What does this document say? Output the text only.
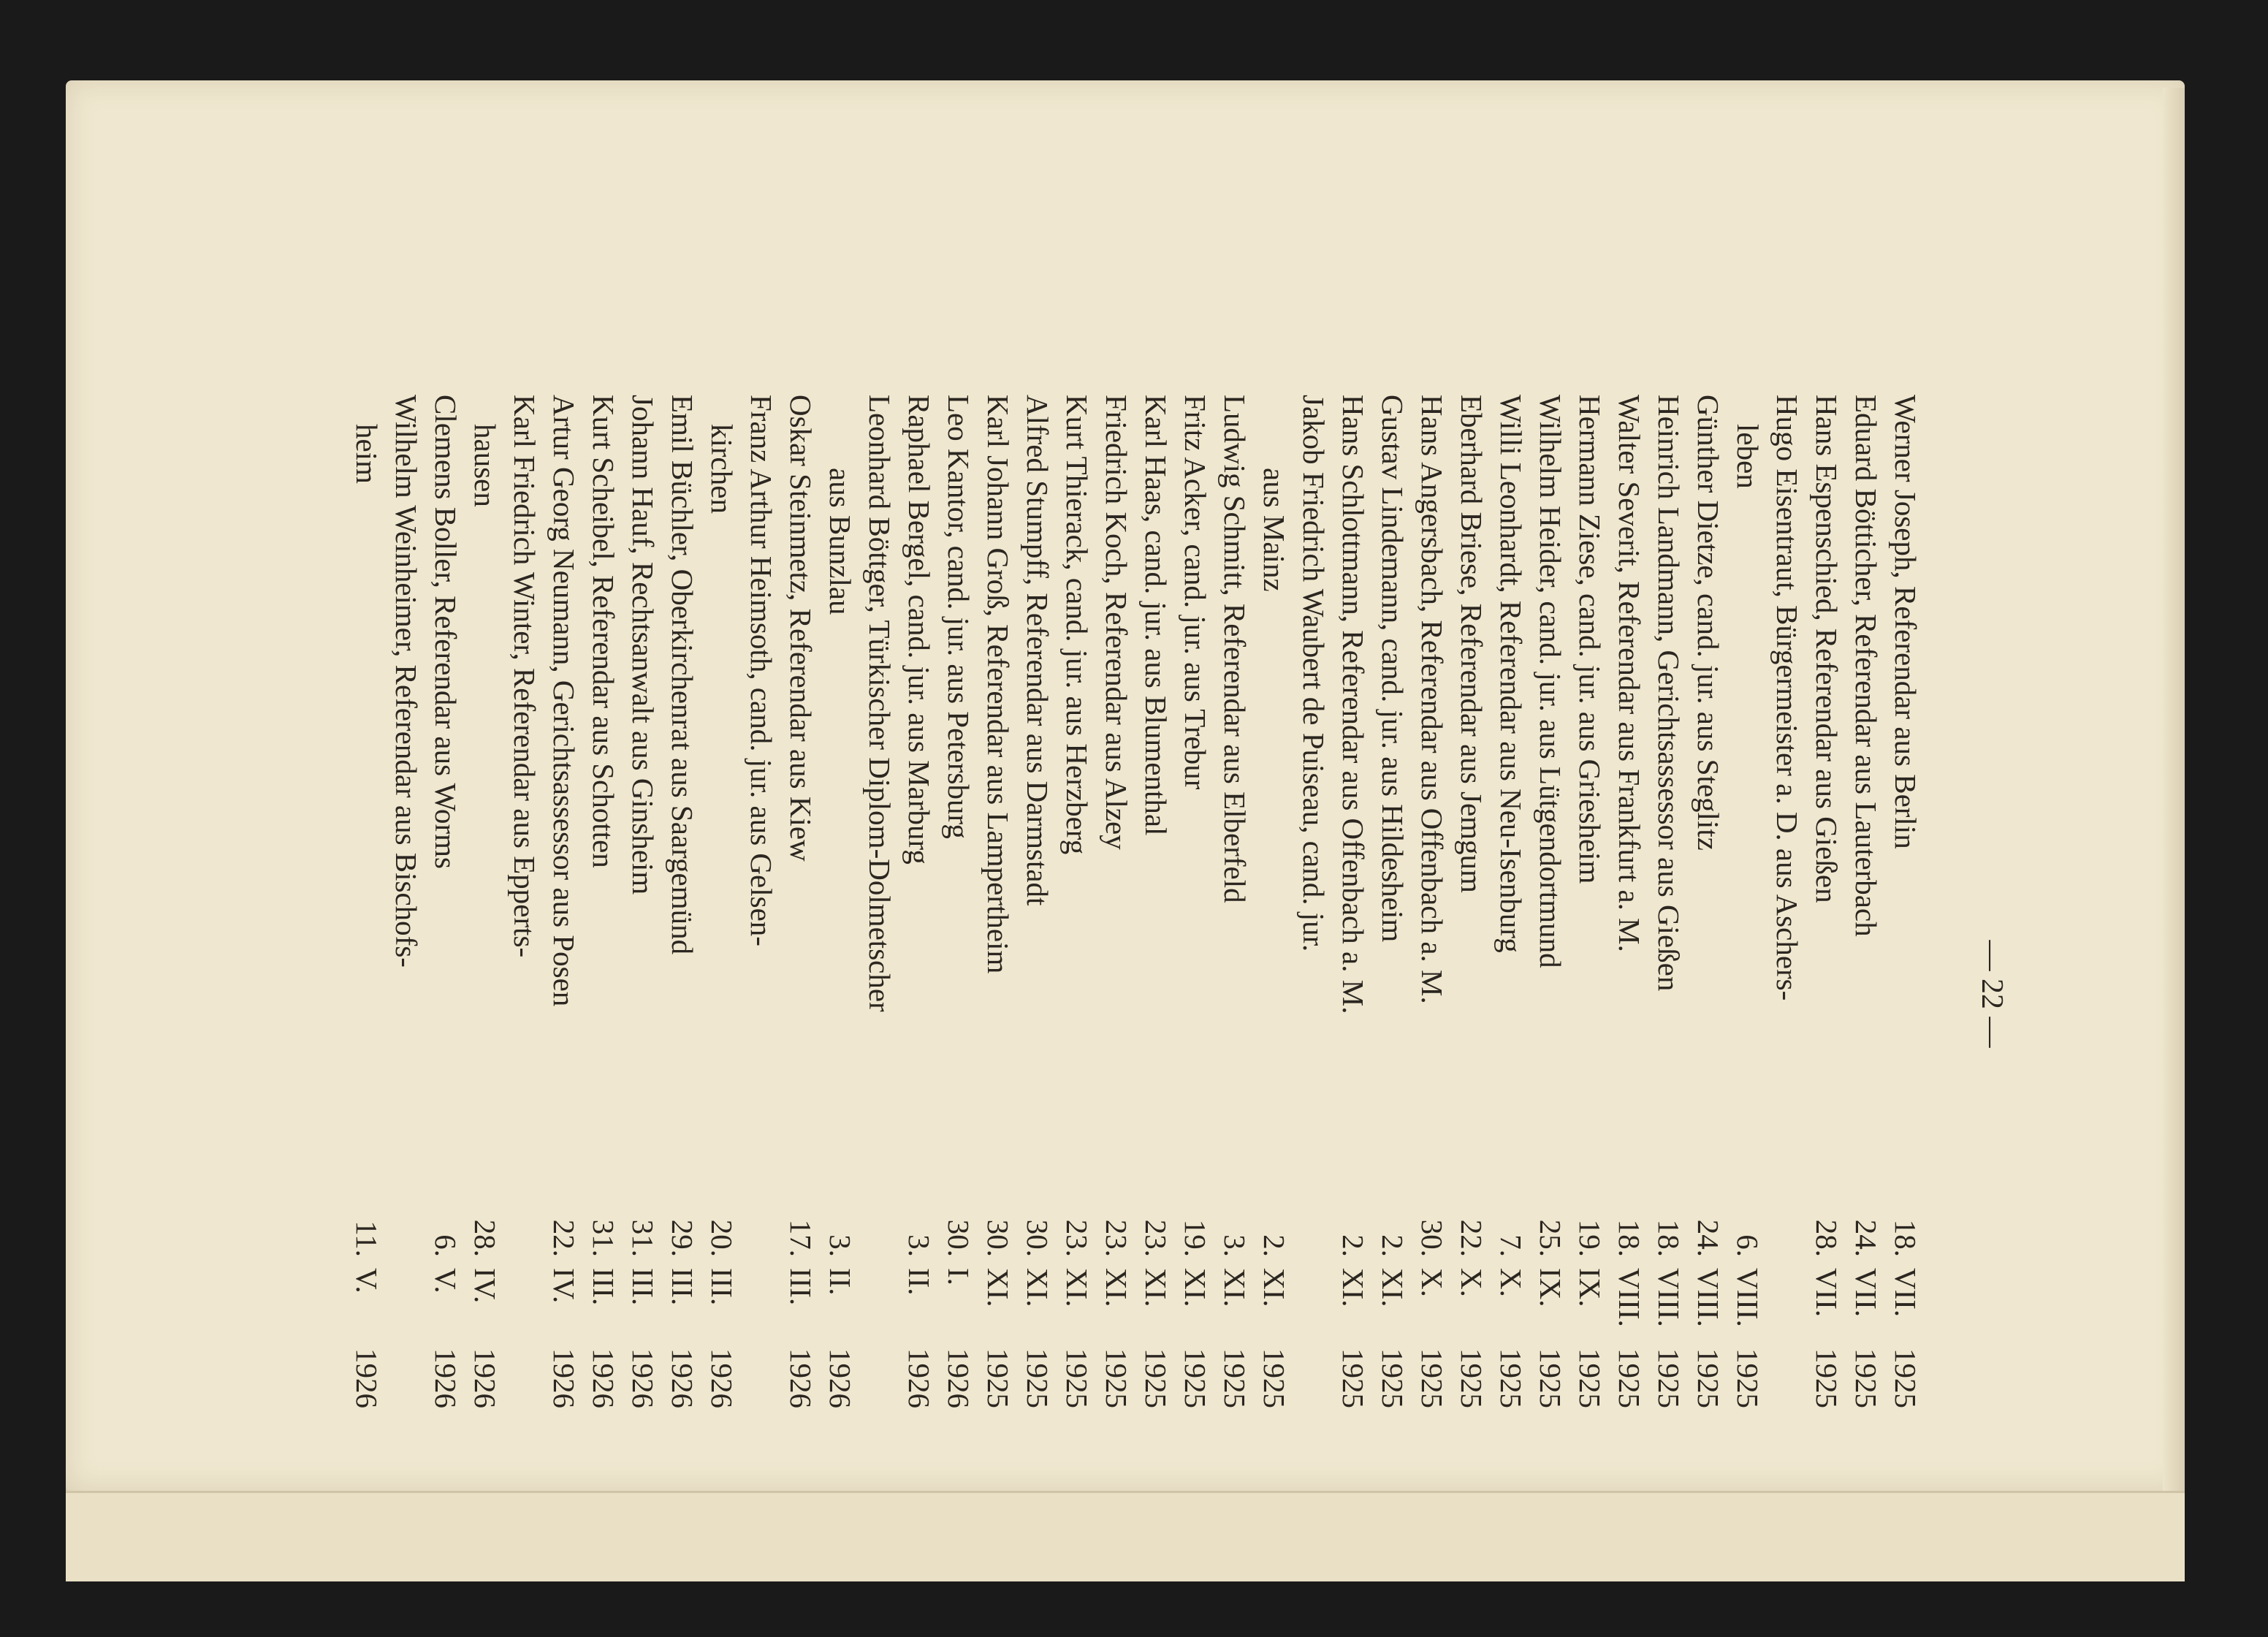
— 22 —
Werner Joseph, Referendar aus Berlin
18.
VII.
1925
Eduard Bötticher, Referendar aus Lauterbach
24.
VII.
1925
Hans Espenschied, Referendar aus Gießen
28.
VII.
1925
Hugo Eisentraut, Bürgermeister a. D. aus Aschers-
leben
6.
VIII.
1925
Günther Dietze, cand. jur. aus Steglitz
24.
VIII.
1925
Heinrich Landmann, Gerichtsassessor aus Gießen
18.
VIII.
1925
Walter Severit, Referendar aus Frankfurt a. M.
18.
VIII.
1925
Hermann Ziese, cand. jur. aus Griesheim
19.
IX.
1925
Wilhelm Heider, cand. jur. aus Lütgendortmund
25.
IX.
1925
Willi Leonhardt, Referendar aus Neu-Isenburg
7.
X.
1925
Eberhard Briese, Referendar aus Jemgum
22.
X.
1925
Hans Angersbach, Referendar aus Offenbach a. M.
30.
X.
1925
Gustav Lindemann, cand. jur. aus Hildesheim
2.
XI.
1925
Hans Schlottmann, Referendar aus Offenbach a. M.
2.
XI.
1925
Jakob Friedrich Waubert de Puiseau, cand. jur.
aus Mainz
2.
XI.
1925
Ludwig Schmitt, Referendar aus Elberfeld
3.
XI.
1925
Fritz Acker, cand. jur. aus Trebur
19.
XI.
1925
Karl Haas, cand. jur. aus Blumenthal
23.
XI.
1925
Friedrich Koch, Referendar aus Alzey
23.
XI.
1925
Kurt Thierack, cand. jur. aus Herzberg
23.
XI.
1925
Alfred Stumpff, Referendar aus Darmstadt
30.
XI.
1925
Karl Johann Groß, Referendar aus Lampertheim
30.
XI.
1925
Leo Kantor, cand. jur. aus Petersburg
30.
I.
1926
Raphael Bergel, cand. jur. aus Marburg
3.
II.
1926
Leonhard Böttger, Türkischer Diplom-Dolmetscher
aus Bunzlau
3.
II.
1926
Oskar Steinmetz, Referendar aus Kiew
17.
III.
1926
Franz Arthur Heimsoth, cand. jur. aus Gelsen-
kirchen
20.
III.
1926
Emil Büchler, Oberkirchenrat aus Saargemünd
29.
III.
1926
Johann Hauf, Rechtsanwalt aus Ginsheim
31.
III.
1926
Kurt Scheibel, Referendar aus Schotten
31.
III.
1926
Artur Georg Neumann, Gerichtsassessor aus Posen
22.
IV.
1926
Karl Friedrich Winter, Referendar aus Epperts-
hausen
28.
IV.
1926
Clemens Boller, Referendar aus Worms
6.
V.
1926
Wilhelm Weinheimer, Referendar aus Bischofs-
heim
11.
V.
1926
